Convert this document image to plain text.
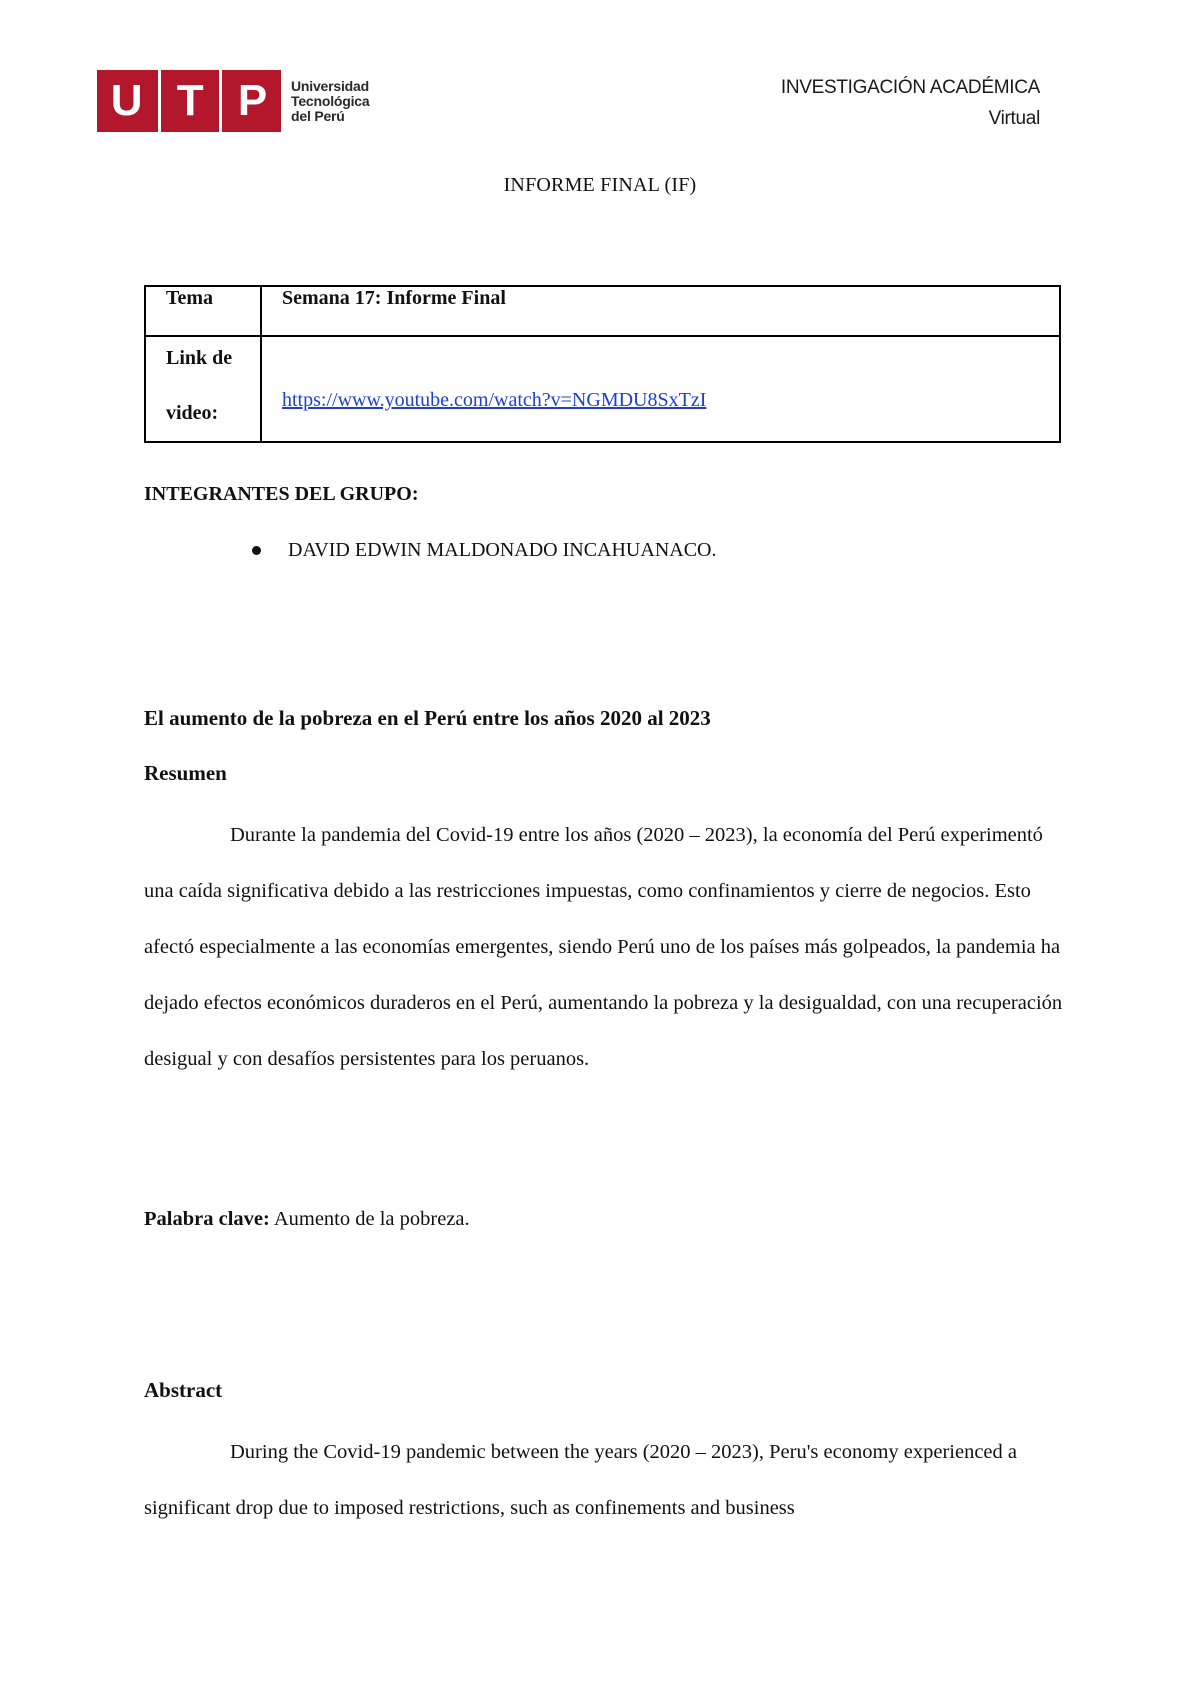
U T P Universidad
Tecnológica
del Perú
INVESTIGACIÓN ACADÉMICA
Virtual
INFORME FINAL (IF)
Tema	Semana 17: Informe Final

Link de
video:	https://www.youtube.com/watch?v=NGMDU8SxTzI
INTEGRANTES DEL GRUPO:
DAVID EDWIN MALDONADO INCAHUANACO.
El aumento de la pobreza en el Perú entre los años 2020 al 2023
Resumen

Durante la pandemia del Covid-19 entre los años (2020 – 2023), la economía del Perú experimentó una caída significativa debido a las restricciones impuestas, como confinamientos y cierre de negocios. Esto afectó especialmente a las economías emergentes, siendo Perú uno de los países más golpeados, la pandemia ha dejado efectos económicos duraderos en el Perú, aumentando la pobreza y la desigualdad, con una recuperación desigual y con desafíos persistentes para los peruanos.

Palabra clave: Aumento de la pobreza.
Abstract

During the Covid-19 pandemic between the years (2020 – 2023), Peru's economy experienced a significant drop due to imposed restrictions, such as confinements and business
